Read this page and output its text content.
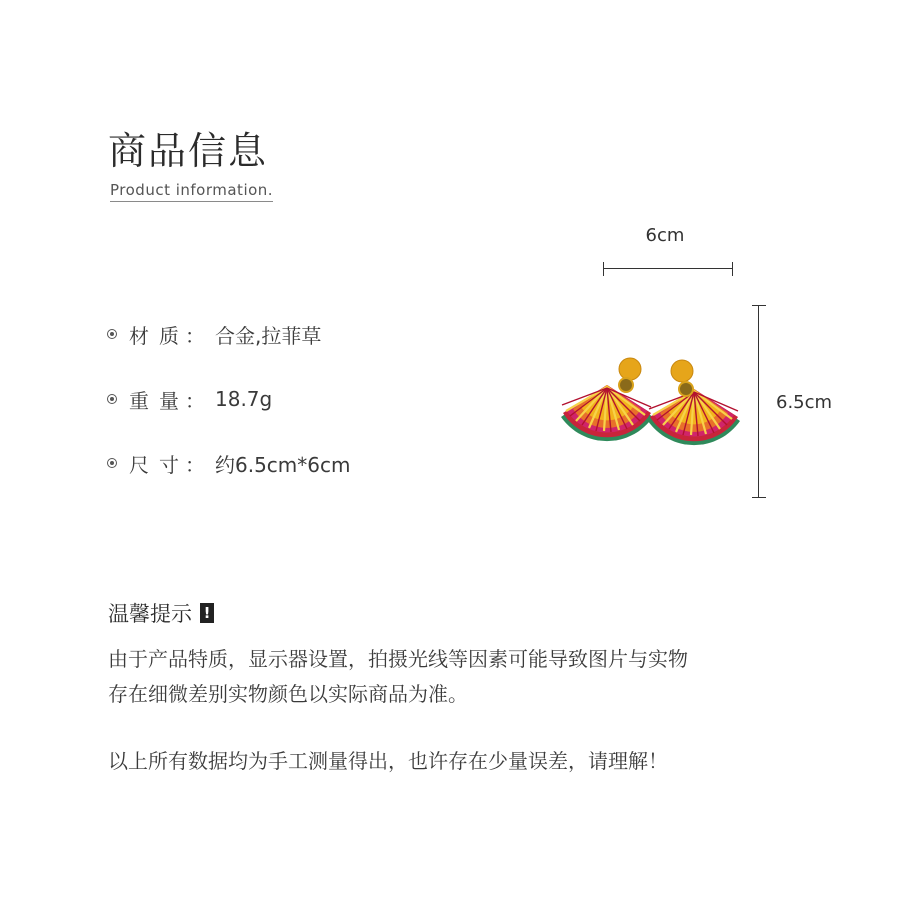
商品信息
Product information.
材质 ： 合金,拉菲草
重量 ： 18.7g
尺寸 ： 约6.5cm*6cm
6cm
6.5cm
温馨提示 !
由于产品特质，显示器设置，拍摄光线等因素可能导致图片与实物
存在细微差别实物颜色以实际商品为准。
以上所有数据均为手工测量得出，也许存在少量误差，请理解！
